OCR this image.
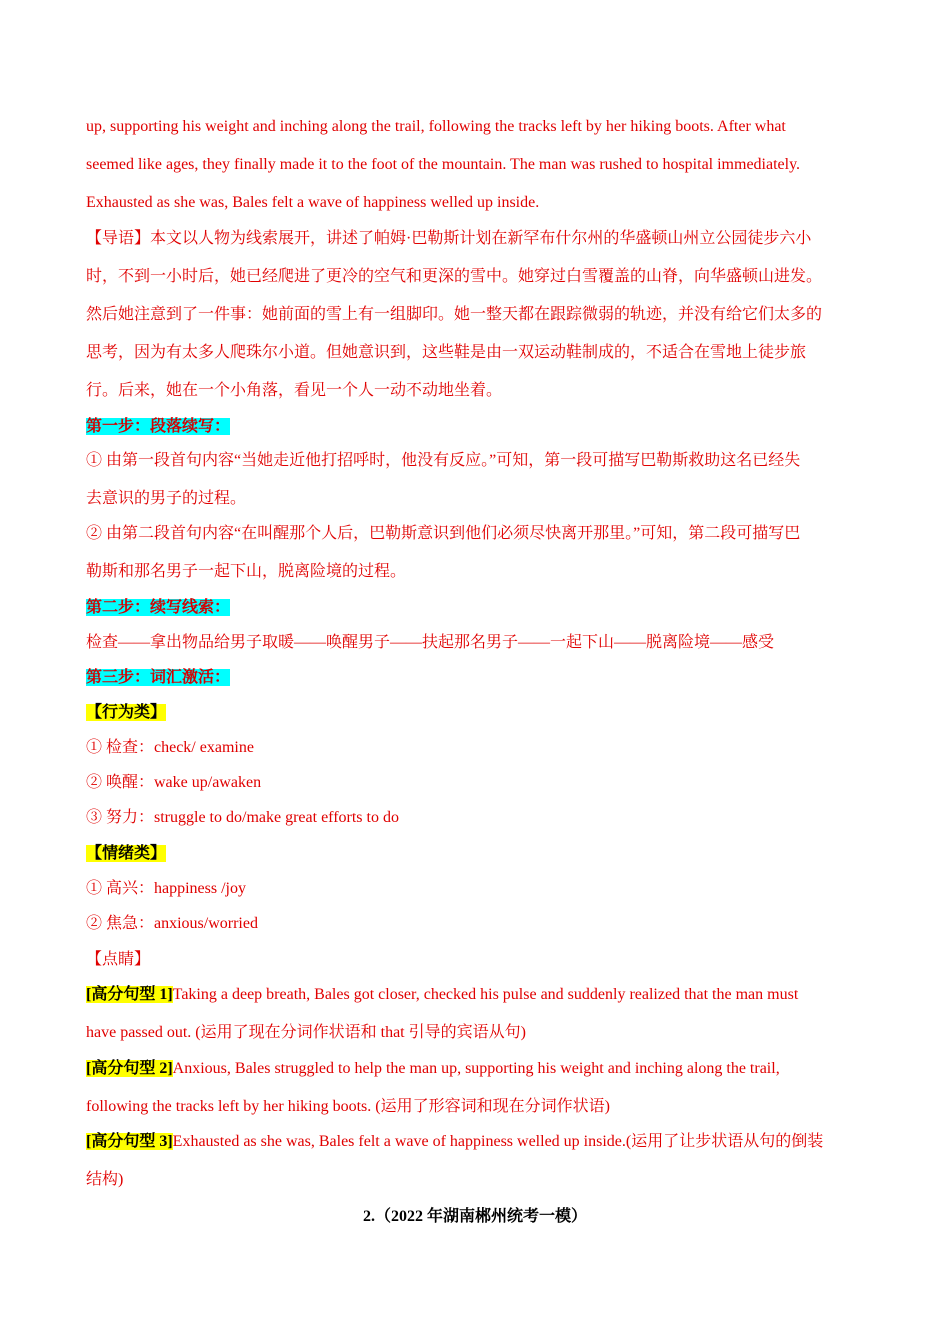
up, supporting his weight and inching along the trail, following the tracks left by her hiking boots. After what
seemed like ages, they finally made it to the foot of the mountain. The man was rushed to hospital immediately.
Exhausted as she was, Bales felt a wave of happiness welled up inside.
【导语】本文以人物为线索展开，讲述了帕姆·巴勒斯计划在新罕布什尔州的华盛顿山州立公园徒步六小
时，不到一小时后，她已经爬进了更冷的空气和更深的雪中。她穿过白雪覆盖的山脊，向华盛顿山进发。
然后她注意到了一件事：她前面的雪上有一组脚印。她一整天都在跟踪微弱的轨迹，并没有给它们太多的
思考，因为有太多人爬珠尔小道。但她意识到，这些鞋是由一双运动鞋制成的，不适合在雪地上徒步旅
行。后来，她在一个小角落，看见一个人一动不动地坐着。
第一步：段落续写：
① 由第一段首句内容“当她走近他打招呼时，他没有反应。”可知，第一段可描写巴勒斯救助这名已经失
去意识的男子的过程。
② 由第二段首句内容“在叫醒那个人后，巴勒斯意识到他们必须尽快离开那里。”可知，第二段可描写巴
勒斯和那名男子一起下山，脱离险境的过程。
第二步：续写线索：
检查——拿出物品给男子取暖——唤醒男子——扶起那名男子——一起下山——脱离险境——感受
第三步：词汇激活：
【行为类】
① 检查：check/ examine
② 唤醒：wake up/awaken
③ 努力：struggle to do/make great efforts to do
【情绪类】
① 高兴：happiness /joy
② 焦急：anxious/worried
【点睛】
[高分句型 1]Taking a deep breath, Bales got closer, checked his pulse and suddenly realized that the man must
have passed out. (运用了现在分词作状语和 that 引导的宾语从句)
[高分句型 2]Anxious, Bales struggled to help the man up, supporting his weight and inching along the trail,
following the tracks left by her hiking boots. (运用了形容词和现在分词作状语)
[高分句型 3]Exhausted as she was, Bales felt a wave of happiness welled up inside.(运用了让步状语从句的倒装
结构)
2.（2022 年湖南郴州统考一模）
